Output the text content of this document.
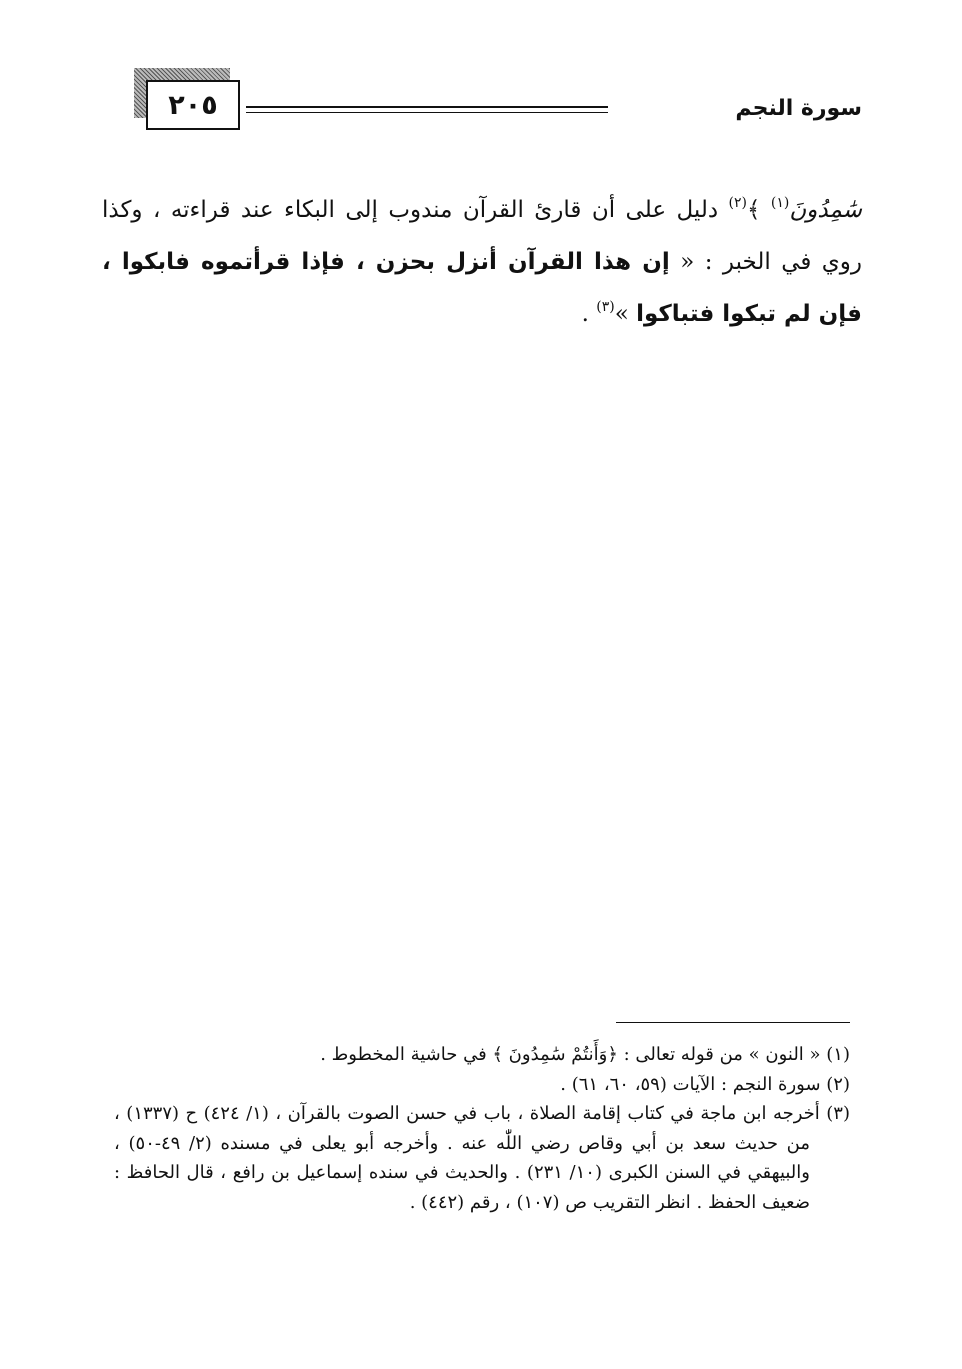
٢٠٥	سورة النجم

سَٰمِدُونَ$^{(١)}$ ﴾$^{(٢)}$ دليل على أن قارئ القرآن مندوب إلى البكاء عند قراءته ، وكذا روي في الخبر : « إن هذا القرآن أنزل بحزن ، فإذا قرأتموه فابكوا ، فإن لم تبكوا فتباكوا »$^{(٣)}$ .

(١) « النون » من قوله تعالى : ﴿وَأَنتُمْ سَٰمِدُونَ ﴾ في حاشية المخطوط .

(٢) سورة النجم : الآيات (٥٩، ٦٠، ٦١) .

(٣) أخرجه ابن ماجة في كتاب إقامة الصلاة ، باب في حسن الصوت بالقرآن ، (١/ ٤٢٤) ح (١٣٣٧) ، من حديث سعد بن أبي وقاص رضي اللّٰه عنه . وأخرجه أبو يعلى في مسنده (٢/ ٤٩-٥٠) ، والبيهقي في السنن الكبرى (١٠/ ٢٣١) . والحديث في سنده إسماعيل بن رافع ، قال الحافظ : ضعيف الحفظ . انظر التقريب ص (١٠٧) ، رقم (٤٤٢) .
